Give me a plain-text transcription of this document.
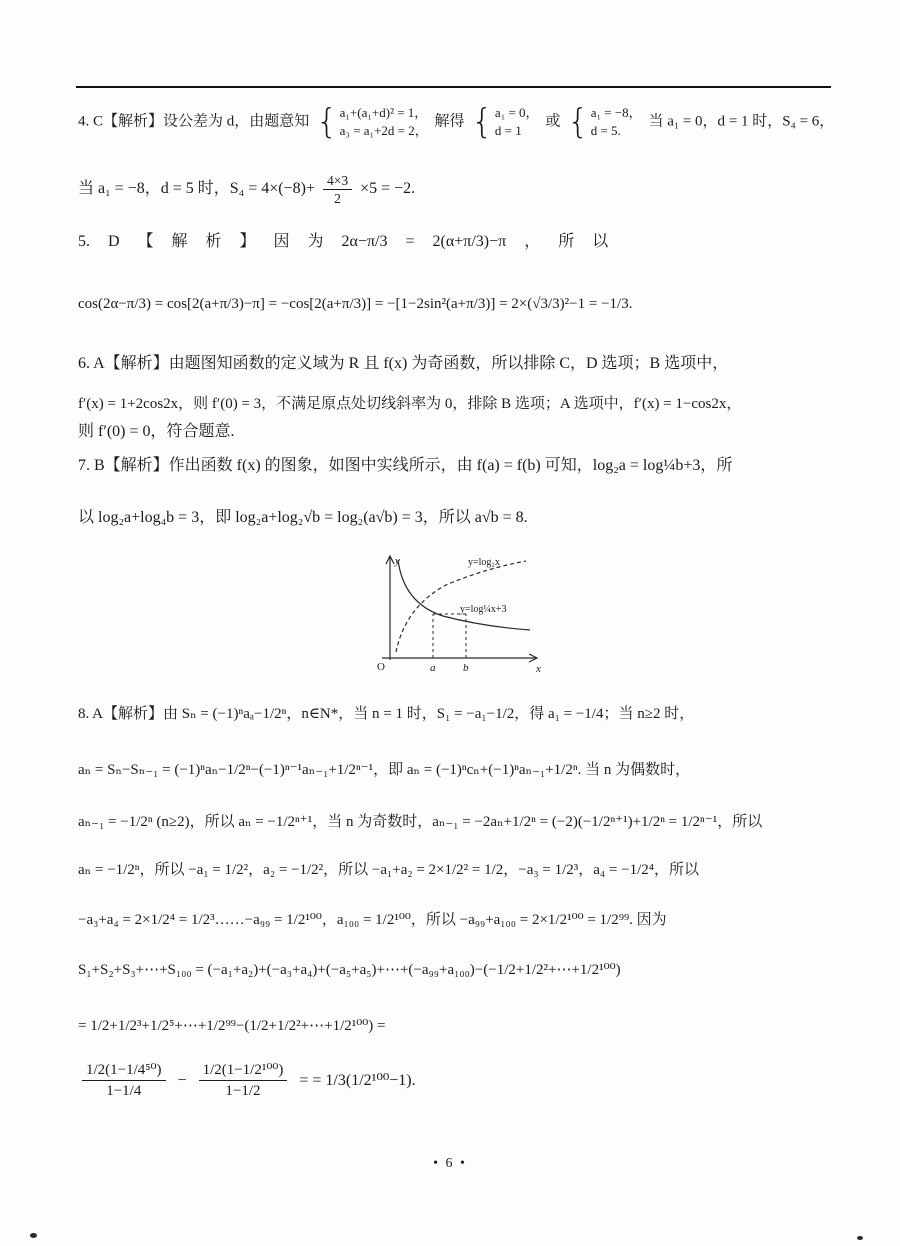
4. C【解析】设公差为 d，由题意知 { a₁+(a₁+d)² = 1，
a₃ = a₁+2d = 2，
解得 { a₁ = 0，
d = 1
或 { a₁ = −8，
d = 5.
当 a₁ = 0，d = 1 时，S₄ = 6，
当 a₁ = −8，d = 5 时，$S_4 = 4\times(-8)+ \frac{4\times 3}{2} \times 5 = -2$.
5. D 【 解 析 】 因 为 2α−π/3 = 2(α+π/3)−π ， 所 以
cos(2α−π/3) = cos[2(a+π/3)−π] = −cos[2(a+π/3)] = −[1−2sin²(a+π/3)] = 2×(√3/3)²−1 = −1/3.
6. A【解析】由题图知函数的定义域为 R 且 f(x) 为奇函数，所以排除 C，D 选项；B 选项中，
f′(x) = 1+2cos2x，则 f′(0) = 3，不满足原点处切线斜率为 0，排除 B 选项；A 选项中，f′(x) = 1−cos2x，
则 f′(0) = 0，符合题意.
7. B【解析】作出函数 f(x) 的图象，如图中实线所示，由 f(a) = f(b) 可知，log₂a = log¼b+3，所
以 log₂a+log₄b = 3，即 log₂a+log₂√b = log₂(a√b) = 3，所以 a√b = 8.
y
x
O	a	b
y=log₂x
y=log¼x+3
8. A【解析】由 Sₙ = (−1)ⁿaₐ−1/2ⁿ，n∈N*，当 n = 1 时，S₁ = −a₁−1/2，得 a₁ = −1/4；当 n≥2 时，
aₙ = Sₙ−Sₙ₋₁ = (−1)ⁿaₙ−1/2ⁿ−(−1)ⁿ⁻¹aₙ₋₁+1/2ⁿ⁻¹，即 aₙ = (−1)ⁿcₙ+(−1)ⁿaₙ₋₁+1/2ⁿ. 当 n 为偶数时，
aₙ₋₁ = −1/2ⁿ (n≥2)，所以 aₙ = −1/2ⁿ⁺¹，当 n 为奇数时，aₙ₋₁ = −2aₙ+1/2ⁿ = (−2)(−1/2ⁿ⁺¹)+1/2ⁿ = 1/2ⁿ⁻¹，所以
aₙ = −1/2ⁿ，所以 −a₁ = 1/2²，a₂ = −1/2²，所以 −a₁+a₂ = 2×1/2² = 1/2，−a₃ = 1/2³，a₄ = −1/2⁴，所以
−a₃+a₄ = 2×1/2⁴ = 1/2³……−a₉₉ = 1/2¹⁰⁰，a₁₀₀ = 1/2¹⁰⁰，所以 −a₉₉+a₁₀₀ = 2×1/2¹⁰⁰ = 1/2⁹⁹. 因为
S₁+S₂+S₃+⋯+S₁₀₀ = (−a₁+a₂)+(−a₃+a₄)+(−a₅+a₅)+⋯+(−a₉₉+a₁₀₀)−(−1/2+1/2²+⋯+1/2¹⁰⁰)
= 1/2+1/2³+1/2⁵+⋯+1/2⁹⁹−(1/2+1/2²+⋯+1/2¹⁰⁰) =
$\frac{\text{1/2(1−1/4⁵⁰)}}{1-1/4} - \frac{\text{1/2(1−1/2¹⁰⁰)}}{1-1/2}$ = = 1/3(1/2¹⁰⁰−1).
• 6 •
